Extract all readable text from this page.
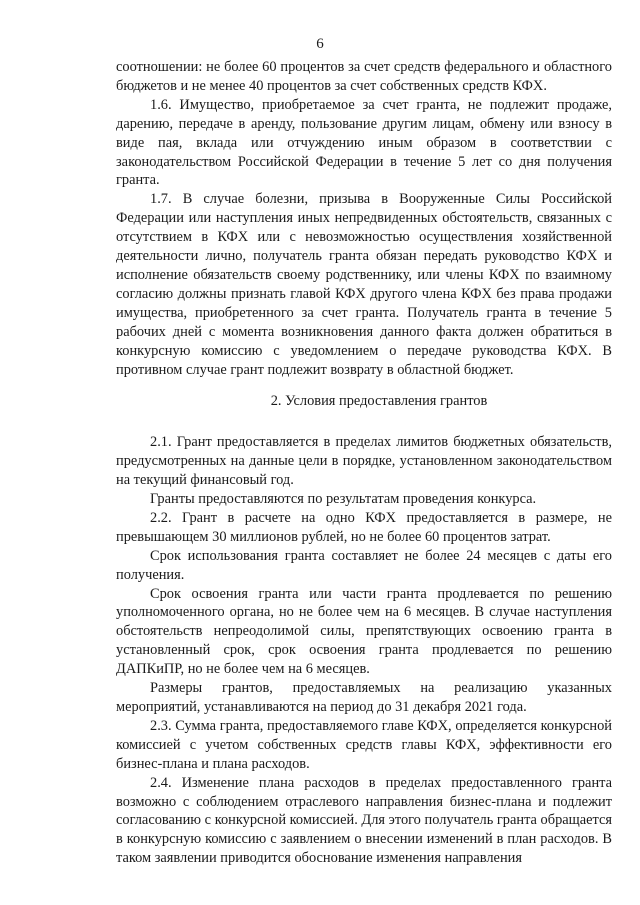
6

соотношении: не более 60 процентов за счет средств федерального и областного бюджетов и не менее 40 процентов за счет собственных средств КФХ.

1.6. Имущество, приобретаемое за счет гранта, не подлежит продаже, дарению, передаче в аренду, пользование другим лицам, обмену или взносу в виде пая, вклада или отчуждению иным образом в соответствии с законодательством Российской Федерации в течение 5 лет со дня получения гранта.

1.7. В случае болезни, призыва в Вооруженные Силы Российской Федерации или наступления иных непредвиденных обстоятельств, связанных с отсутствием в КФХ или с невозможностью осуществления хозяйственной деятельности лично, получатель гранта обязан передать руководство КФХ и исполнение обязательств своему родственнику, или члены КФХ по взаимному согласию должны признать главой КФХ другого члена КФХ без права продажи имущества, приобретенного за счет гранта. Получатель гранта в течение 5 рабочих дней с момента возникновения данного факта должен обратиться в конкурсную комиссию с уведомлением о передаче руководства КФХ. В противном случае грант подлежит возврату в областной бюджет.

2. Условия предоставления грантов

2.1. Грант предоставляется в пределах лимитов бюджетных обязательств, предусмотренных на данные цели в порядке, установленном законодательством на текущий финансовый год.

Гранты предоставляются по результатам проведения конкурса.

2.2. Грант в расчете на одно КФХ предоставляется в размере, не превышающем 30 миллионов рублей, но не более 60 процентов затрат.

Срок использования гранта составляет не более 24 месяцев с даты его получения.

Срок освоения гранта или части гранта продлевается по решению уполномоченного органа, но не более чем на 6 месяцев. В случае наступления обстоятельств непреодолимой силы, препятствующих освоению гранта в установленный срок, срок освоения гранта продлевается по решению ДАПКиПР, но не более чем на 6 месяцев.

Размеры грантов, предоставляемых на реализацию указанных мероприятий, устанавливаются на период до 31 декабря 2021 года.

2.3. Сумма гранта, предоставляемого главе КФХ, определяется конкурсной комиссией с учетом собственных средств главы КФХ, эффективности его бизнес-плана и плана расходов.

2.4. Изменение плана расходов в пределах предоставленного гранта возможно с соблюдением отраслевого направления бизнес-плана и подлежит согласованию с конкурсной комиссией. Для этого получатель гранта обращается в конкурсную комиссию с заявлением о внесении изменений в план расходов. В таком заявлении приводится обоснование изменения направления
